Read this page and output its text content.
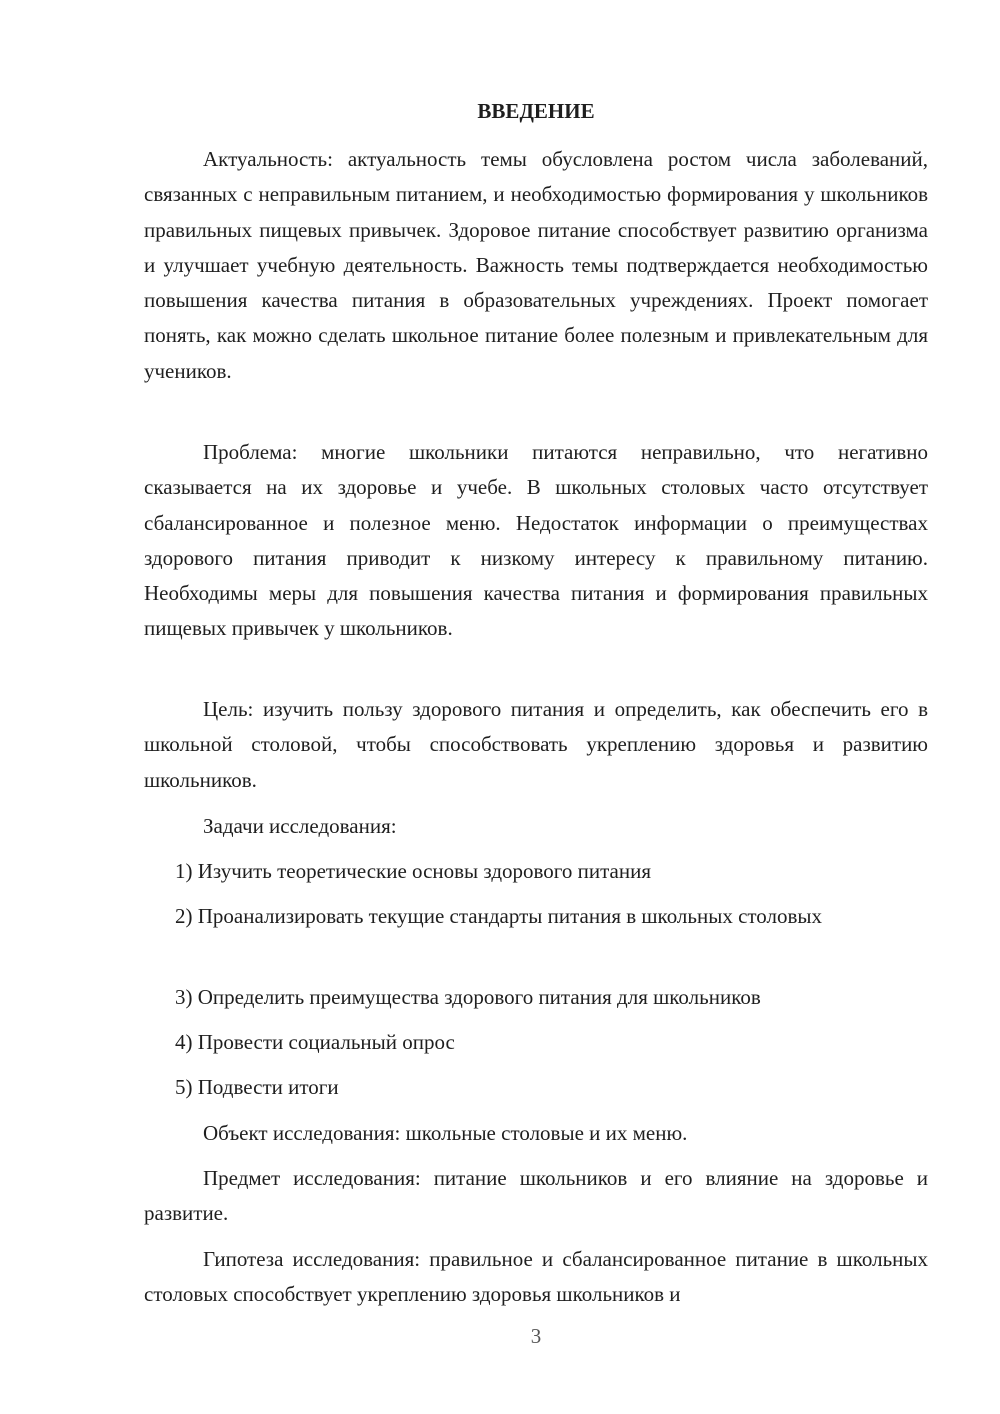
ВВЕДЕНИЕ

Актуальность: актуальность темы обусловлена ростом числа заболеваний, связанных с неправильным питанием, и необходимостью формирования у школьников правильных пищевых привычек. Здоровое питание способствует развитию организма и улучшает учебную деятельность. Важность темы подтверждается необходимостью повышения качества питания в образовательных учреждениях. Проект помогает понять, как можно сделать школьное питание более полезным и привлекательным для учеников.

Проблема: многие школьники питаются неправильно, что негативно сказывается на их здоровье и учебе. В школьных столовых часто отсутствует сбалансированное и полезное меню. Недостаток информации о преимуществах здорового питания приводит к низкому интересу к правильному питанию. Необходимы меры для повышения качества питания и формирования правильных пищевых привычек у школьников.

Цель: изучить пользу здорового питания и определить, как обеспечить его в школьной столовой, чтобы способствовать укреплению здоровья и развитию школьников.

Задачи исследования:

1) Изучить теоретические основы здорового питания

2) Проанализировать текущие стандарты питания в школьных столовых

3) Определить преимущества здорового питания для школьников

4) Провести социальный опрос

5) Подвести итоги

Объект исследования: школьные столовые и их меню.

Предмет исследования: питание школьников и его влияние на здоровье и развитие.

Гипотеза исследования: правильное и сбалансированное питание в школьных столовых способствует укреплению здоровья школьников и

3
